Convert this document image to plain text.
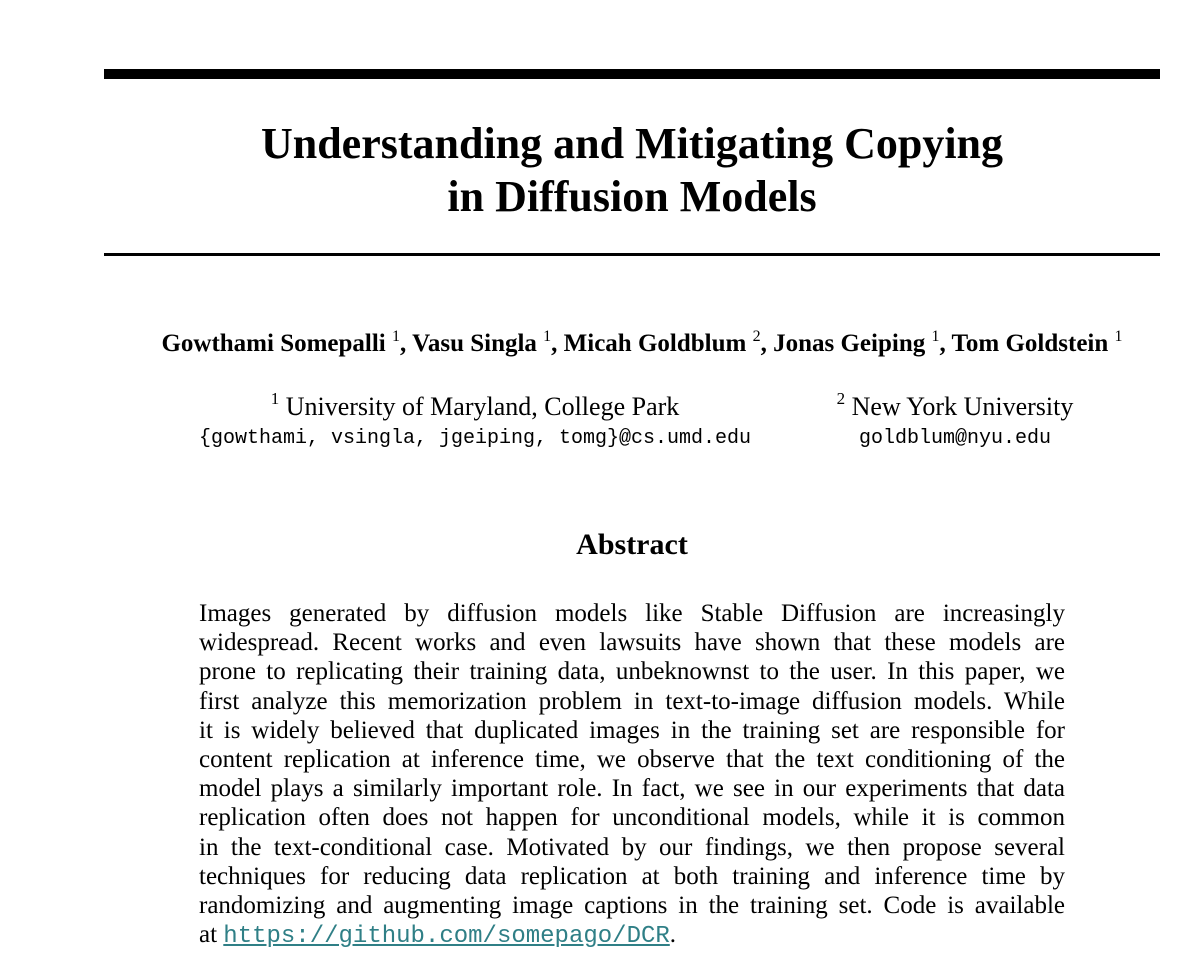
Understanding and Mitigating Copying
in Diffusion Models
Gowthami Somepalli $^1$, Vasu Singla $^1$, Micah Goldblum $^2$, Jonas Geiping $^1$, Tom Goldstein $^1$
$^1$ University of Maryland, College Park
{gowthami, vsingla, jgeiping, tomg}@cs.umd.edu
$^2$ New York University
goldblum@nyu.edu
Abstract
Images generated by diffusion models like Stable Diffusion are increasingly
widespread. Recent works and even lawsuits have shown that these models are
prone to replicating their training data, unbeknownst to the user. In this paper, we
first analyze this memorization problem in text-to-image diffusion models. While
it is widely believed that duplicated images in the training set are responsible for
content replication at inference time, we observe that the text conditioning of the
model plays a similarly important role. In fact, we see in our experiments that data
replication often does not happen for unconditional models, while it is common
in the text-conditional case. Motivated by our findings, we then propose several
techniques for reducing data replication at both training and inference time by
randomizing and augmenting image captions in the training set. Code is available
at https://github.com/somepago/DCR.
